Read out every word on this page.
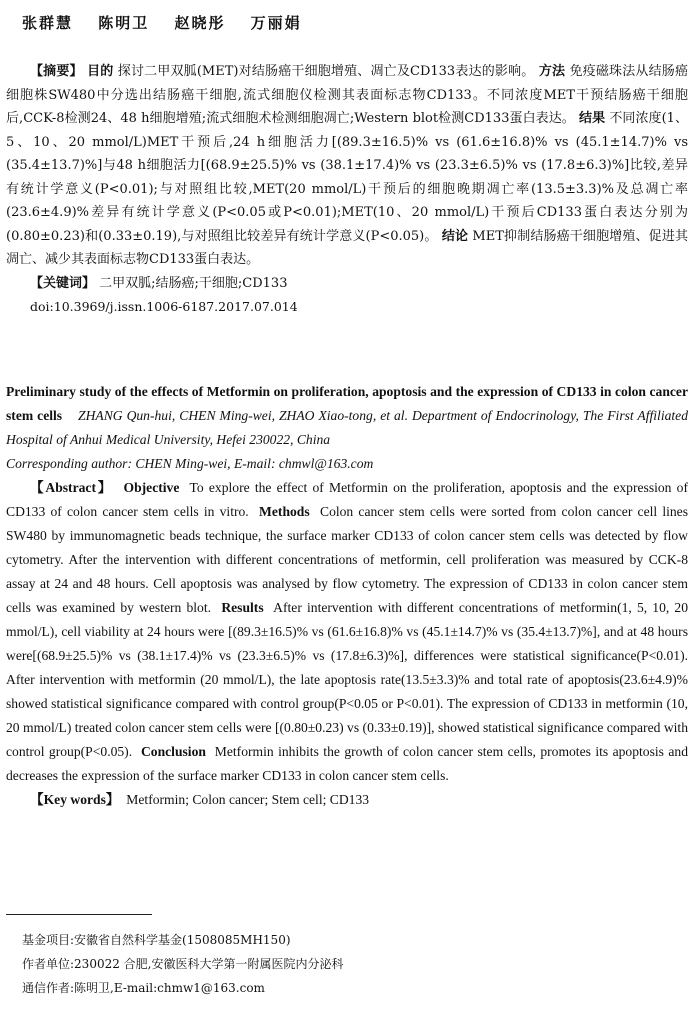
张群慧 陈明卫 赵晓彤 万丽娟

【摘要】 目的 探讨二甲双胍(MET)对结肠癌干细胞增殖、凋亡及CD133表达的影响。 方法 免疫磁珠法从结肠癌细胞株SW480中分选出结肠癌干细胞,流式细胞仪检测其表面标志物CD133。不同浓度MET干预结肠癌干细胞后,CCK-8检测24、48 h细胞增殖;流式细胞术检测细胞凋亡;Western blot检测CD133蛋白表达。 结果 不同浓度(1、5、10、20 mmol/L)MET干预后,24 h细胞活力[(89.3±16.5)% vs (61.6±16.8)% vs (45.1±14.7)% vs (35.4±13.7)%]与48 h细胞活力[(68.9±25.5)% vs (38.1±17.4)% vs (23.3±6.5)% vs (17.8±6.3)%]比较,差异有统计学意义(P<0.01);与对照组比较,MET(20 mmol/L)干预后的细胞晚期凋亡率(13.5±3.3)%及总凋亡率(23.6±4.9)%差异有统计学意义(P<0.05或P<0.01);MET(10、20 mmol/L)干预后CD133蛋白表达分别为(0.80±0.23)和(0.33±0.19),与对照组比较差异有统计学意义(P<0.05)。 结论 MET抑制结肠癌干细胞增殖、促进其凋亡、减少其表面标志物CD133蛋白表达。

【关键词】 二甲双胍;结肠癌;干细胞;CD133

doi:10.3969/j.issn.1006-6187.2017.07.014

Preliminary study of the effects of Metformin on proliferation, apoptosis and the expression of CD133 in colon cancer stem cells ZHANG Qun-hui, CHEN Ming-wei, ZHAO Xiao-tong, et al. Department of Endocrinology, The First Affiliated Hospital of Anhui Medical University, Hefei 230022, China
Corresponding author: CHEN Ming-wei, E-mail: chmwl@163.com

【Abstract】 Objective To explore the effect of Metformin on the proliferation, apoptosis and the expression of CD133 of colon cancer stem cells in vitro. Methods Colon cancer stem cells were sorted from colon cancer cell lines SW480 by immunomagnetic beads technique, the surface marker CD133 of colon cancer stem cells was detected by flow cytometry. After the intervention with different concentrations of metformin, cell proliferation was measured by CCK-8 assay at 24 and 48 hours. Cell apoptosis was analysed by flow cytometry. The expression of CD133 in colon cancer stem cells was examined by western blot. Results After intervention with different concentrations of metformin(1, 5, 10, 20 mmol/L), cell viability at 24 hours were [(89.3±16.5)% vs (61.6±16.8)% vs (45.1±14.7)% vs (35.4±13.7)%], and at 48 hours were[(68.9±25.5)% vs (38.1±17.4)% vs (23.3±6.5)% vs (17.8±6.3)%], differences were statistical significance(P<0.01). After intervention with metformin (20 mmol/L), the late apoptosis rate(13.5±3.3)% and total rate of apoptosis(23.6±4.9)% showed statistical significance compared with control group(P<0.05 or P<0.01). The expression of CD133 in metformin (10, 20 mmol/L) treated colon cancer stem cells were [(0.80±0.23) vs (0.33±0.19)], showed statistical significance compared with control group(P<0.05). Conclusion Metformin inhibits the growth of colon cancer stem cells, promotes its apoptosis and decreases the expression of the surface marker CD133 in colon cancer stem cells.

【Key words】 Metformin; Colon cancer; Stem cell; CD133

基金项目:安徽省自然科学基金(1508085MH150)
作者单位:230022 合肥,安徽医科大学第一附属医院内分泌科
通信作者:陈明卫,E-mail:chmw1@163.com
